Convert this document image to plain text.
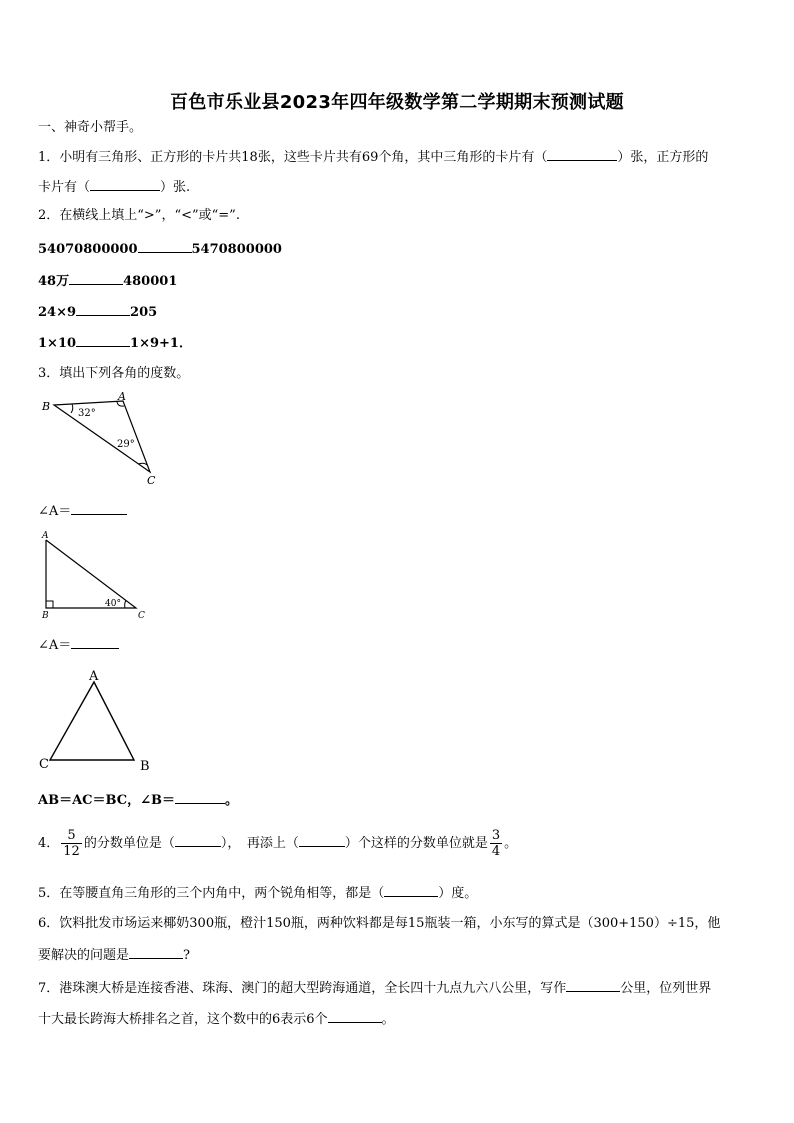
百色市乐业县2023年四年级数学第二学期期末预测试题
一、神奇小帮手。
1．小明有三角形、正方形的卡片共18张，这些卡片共有69个角，其中三角形的卡片有（	）张，正方形的
卡片有（	）张.
2．在横线上填上“>”，“<”或“=”.
54070800000	5470800000
48万	480001
24×9	205
1×10	1×9+1．
3．填出下列各角的度数。
B
A
C
32°
29°
∠A＝
A
B	C
40°
∠A＝
A
C	B
AB＝AC＝BC，∠B＝	。
4． $\frac{5}{12}$ 的分数单位是（	），　再添上（	）个这样的分数单位就是 $\frac{3}{4}$ 。
5．在等腰直角三角形的三个内角中，两个锐角相等，都是（	）度。
6．饮料批发市场运来椰奶300瓶，橙汁150瓶，两种饮料都是每15瓶装一箱，小东写的算式是（300+150）÷15，他
要解决的问题是	?
7．港珠澳大桥是连接香港、珠海、澳门的超大型跨海通道，全长四十九点九六八公里，写作	公里，位列世界
十大最长跨海大桥排名之首，这个数中的6表示6个	。
